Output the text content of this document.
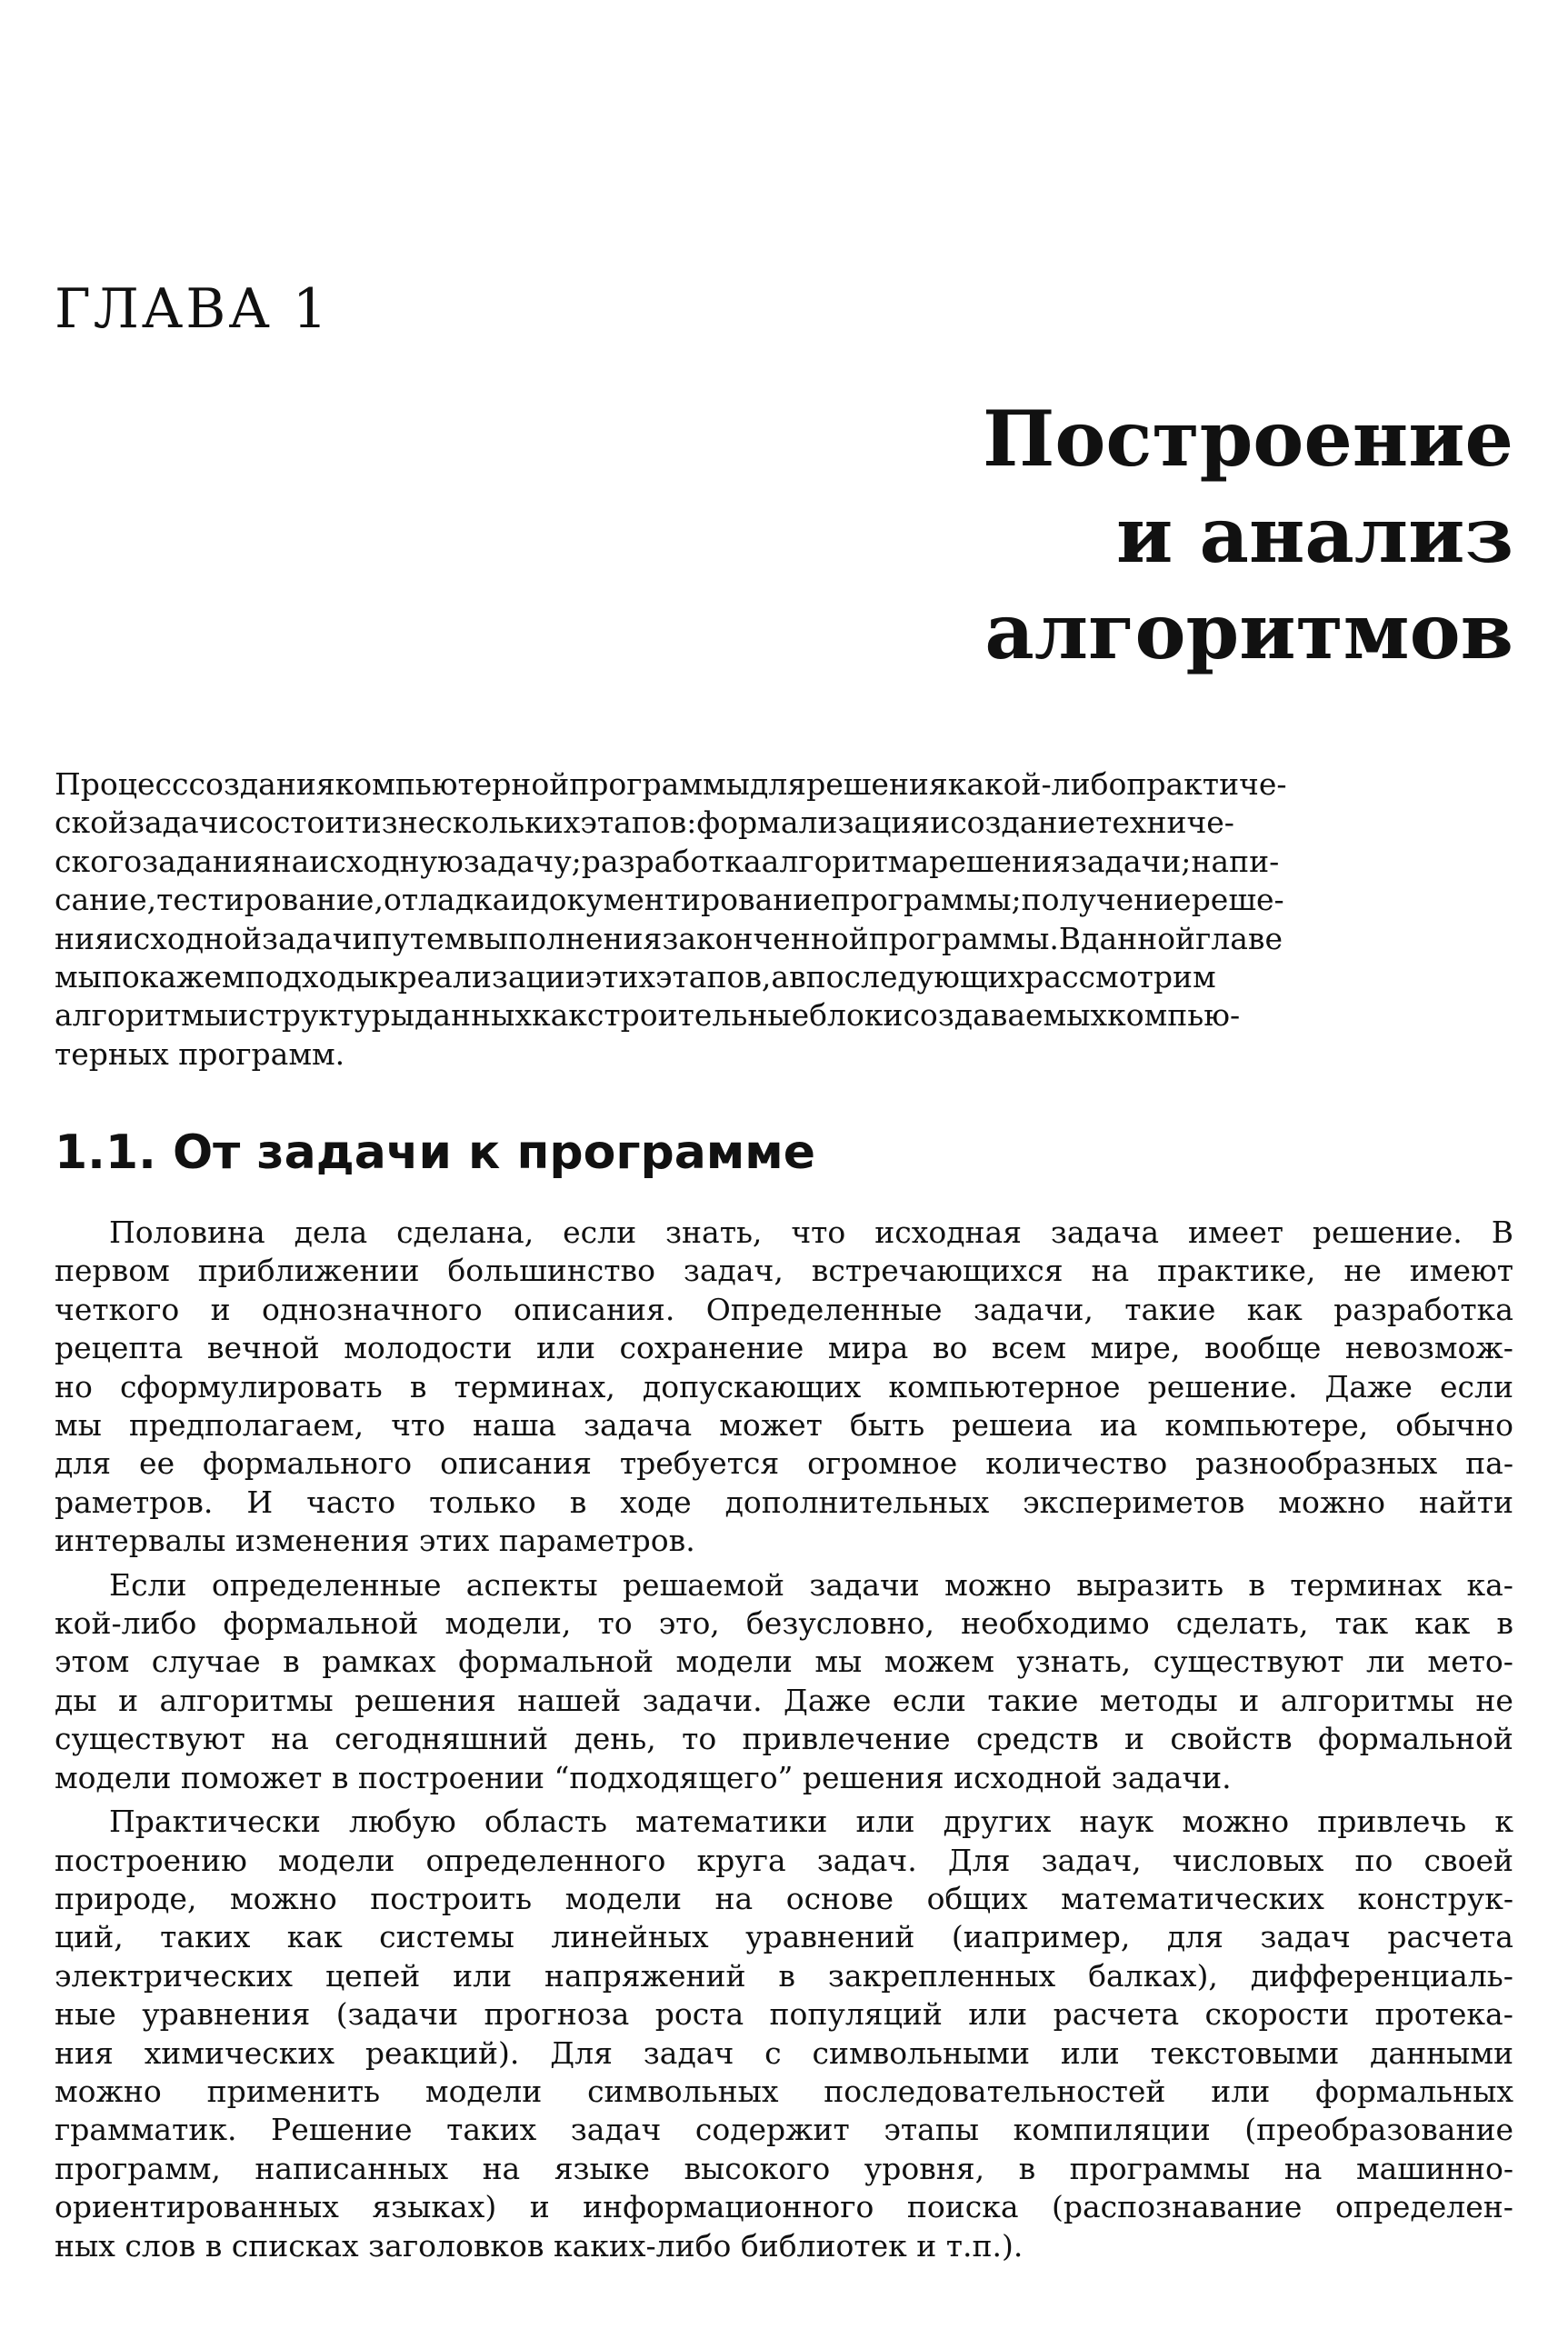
ГЛАВА 1
Построение
и анализ
алгоритмов
Процесссозданиякомпьютернойпрограммыдлярешениякакой-либопрактиче-
скойзадачисостоитизнесколькихэтапов:формализацияисозданиетехниче-
скогозаданиянаисходнуюзадачу;разработкаалгоритмарешениязадачи;напи-
сание,тестирование,отладкаидокументированиепрограммы;получениереше-
нияисходнойзадачипутемвыполнениязаконченнойпрограммы.Вданнойглаве
мыпокажемподходыкреализацииэтихэтапов,авпоследующихрассмотрим
алгоритмыиструктурыданныхкакстроительныеблокисоздаваемыхкомпью-
терных программ.
1.1. От задачи к программе
Половина дела сделана, если знать, что исходная задача имеет решение. В
первом приближении большинство задач, встречающихся на практике, не имеют
четкого и однозначного описания. Определенные задачи, такие как разработка
рецепта вечной молодости или сохранение мира во всем мире, вообще невозмож-
но сформулировать в терминах, допускающих компьютерное решение. Даже если
мы предполагаем, что наша задача может быть решеиа иа компьютере, обычно
для ее формального описания требуется огромное количество разнообразных па-
раметров. И часто только в ходе дополнительных экспериметов можно найти
интервалы изменения этих параметров.
Если определенные аспекты решаемой задачи можно выразить в терминах ка-
кой-либо формальной модели, то это, безусловно, необходимо сделать, так как в
этом случае в рамках формальной модели мы можем узнать, существуют ли мето-
ды и алгоритмы решения нашей задачи. Даже если такие методы и алгоритмы не
существуют на сегодняшний день, то привлечение средств и свойств формальной
модели поможет в построении “подходящего” решения исходной задачи.
Практически любую область математики или других наук можно привлечь к
построению модели определенного круга задач. Для задач, числовых по своей
природе, можно построить модели на основе общих математических конструк-
ций, таких как системы линейных уравнений (иапример, для задач расчета
электрических цепей или напряжений в закрепленных балках), дифференциаль-
ные уравнения (задачи прогноза роста популяций или расчета скорости протека-
ния химических реакций). Для задач с символьными или текстовыми данными
можно применить модели символьных последовательностей или формальных
грамматик. Решение таких задач содержит этапы компиляции (преобразование
программ, написанных на языке высокого уровня, в программы на машинно-
ориентированных языках) и информационного поиска (распознавание определен-
ных слов в списках заголовков каких-либо библиотек и т.п.).
